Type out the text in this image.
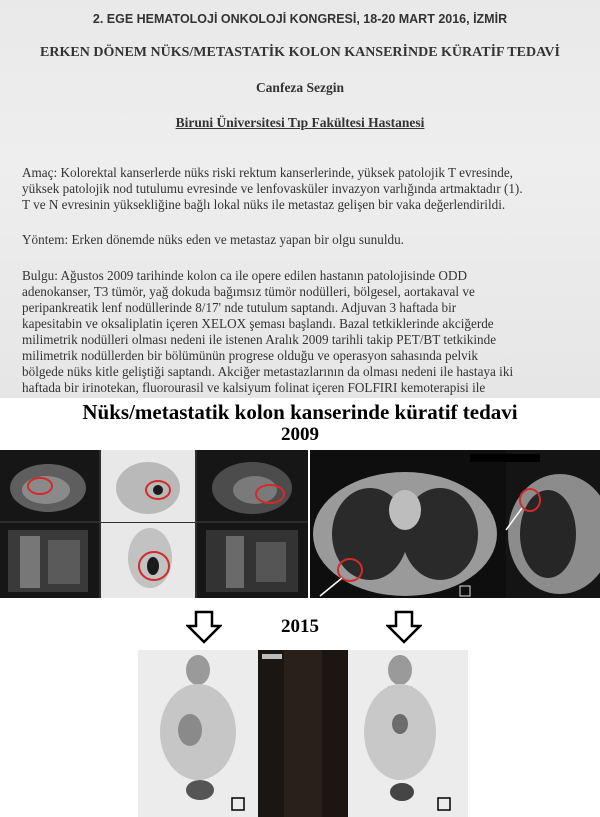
2. EGE HEMATOLOJİ ONKOLOJİ KONGRESİ, 18-20 MART 2016, İZMİR
ERKEN DÖNEM NÜKS/METASTATİK KOLON KANSERİNDE KÜRATİF TEDAVİ
Canfeza Sezgin
Biruni Üniversitesi Tıp Fakültesi Hastanesi

Amaç: Kolorektal kanserlerde nüks riski rektum kanserlerinde, yüksek patolojik T evresinde,
yüksek patolojik nod tutulumu evresinde ve lenfovasküler invazyon varlığında artmaktadır (1).
T ve N evresinin yüksekliğine bağlı lokal nüks ile metastaz gelişen bir vaka değerlendirildi.

Yöntem: Erken dönemde nüks eden ve metastaz yapan bir olgu sunuldu.

Bulgu: Ağustos 2009 tarihinde kolon ca ile opere edilen hastanın patolojisinde ODD
adenokanser, T3 tümör, yağ dokuda bağımsız tümör nodülleri, bölgesel, aortakaval ve
peripankreatik lenf nodüllerinde 8/17' nde tutulum saptandı. Adjuvan 3 haftada bir
kapesitabin ve oksaliplatin içeren XELOX şeması başlandı. Bazal tetkiklerinde akciğerde
milimetrik nodülleri olması nedeni ile istenen Aralık 2009 tarihli takip PET/BT tetkikinde
milimetrik nodüllerden bir bölümünün progrese olduğu ve operasyon sahasında pelvik
bölgede nüks kitle geliştiği saptandı. Akciğer metastazlarının da olması nedeni ile hastaya iki
haftada bir irinotekan, fluorourasil ve kalsiyum folinat içeren FOLFIRI kemoterapisi ile

Nüks/metastatik kolon kanserinde küratif tedavi
2009
2015
